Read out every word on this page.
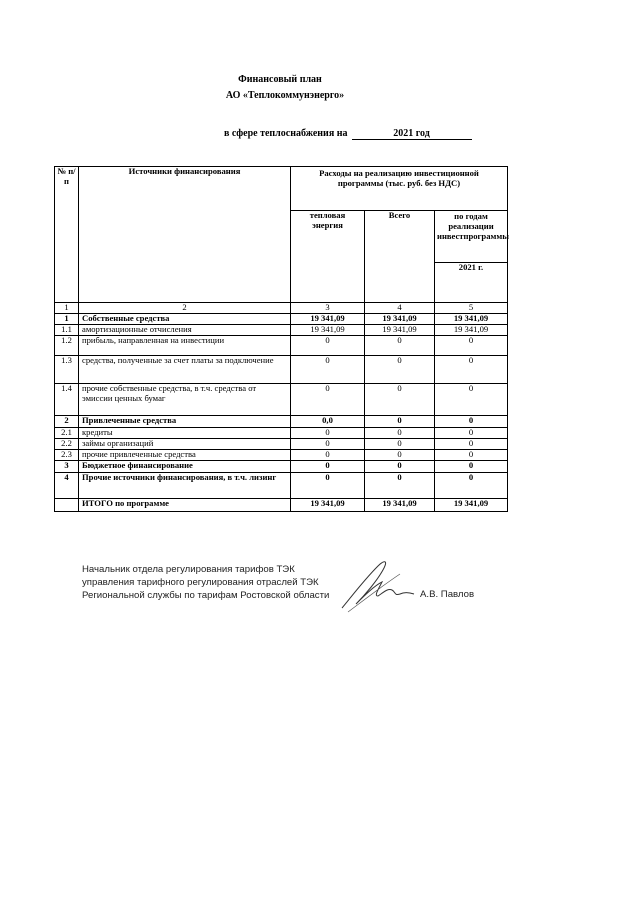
Финансовый план
АО «Теплокоммунэнерго»
в сфере теплоснабжения на	2021 год
№ п/п	Источники финансирования	Расходы на реализацию инвестиционной программы (тыс. руб. без НДС)		
		тепловая энергия	Всего	по годам реализации инвестпрограммы
				2021 г.
1	2	3	4	5
1	Собственные средства	19 341,09	19 341,09	19 341,09
1.1	амортизационные отчисления	19 341,09	19 341,09	19 341,09
1.2	прибыль, направленная на инвестиции	0	0	0
1.3	средства, полученные за счет платы за подключение	0	0	0
1.4	прочие собственные средства, в т.ч. средства от эмиссии ценных бумаг	0	0	0
2	Привлеченные средства	0,0	0	0
2.1	кредиты	0	0	0
2.2	займы организаций	0	0	0
2.3	прочие привлеченные средства	0	0	0
3	Бюджетное финансирование	0	0	0
4	Прочие источники финансирования, в т.ч. лизинг	0	0	0
	ИТОГО по программе	19 341,09	19 341,09	19 341,09
Начальник отдела регулирования тарифов ТЭК
управления тарифного регулирования отраслей ТЭК
Региональной службы по тарифам Ростовской области	А.В. Павлов
